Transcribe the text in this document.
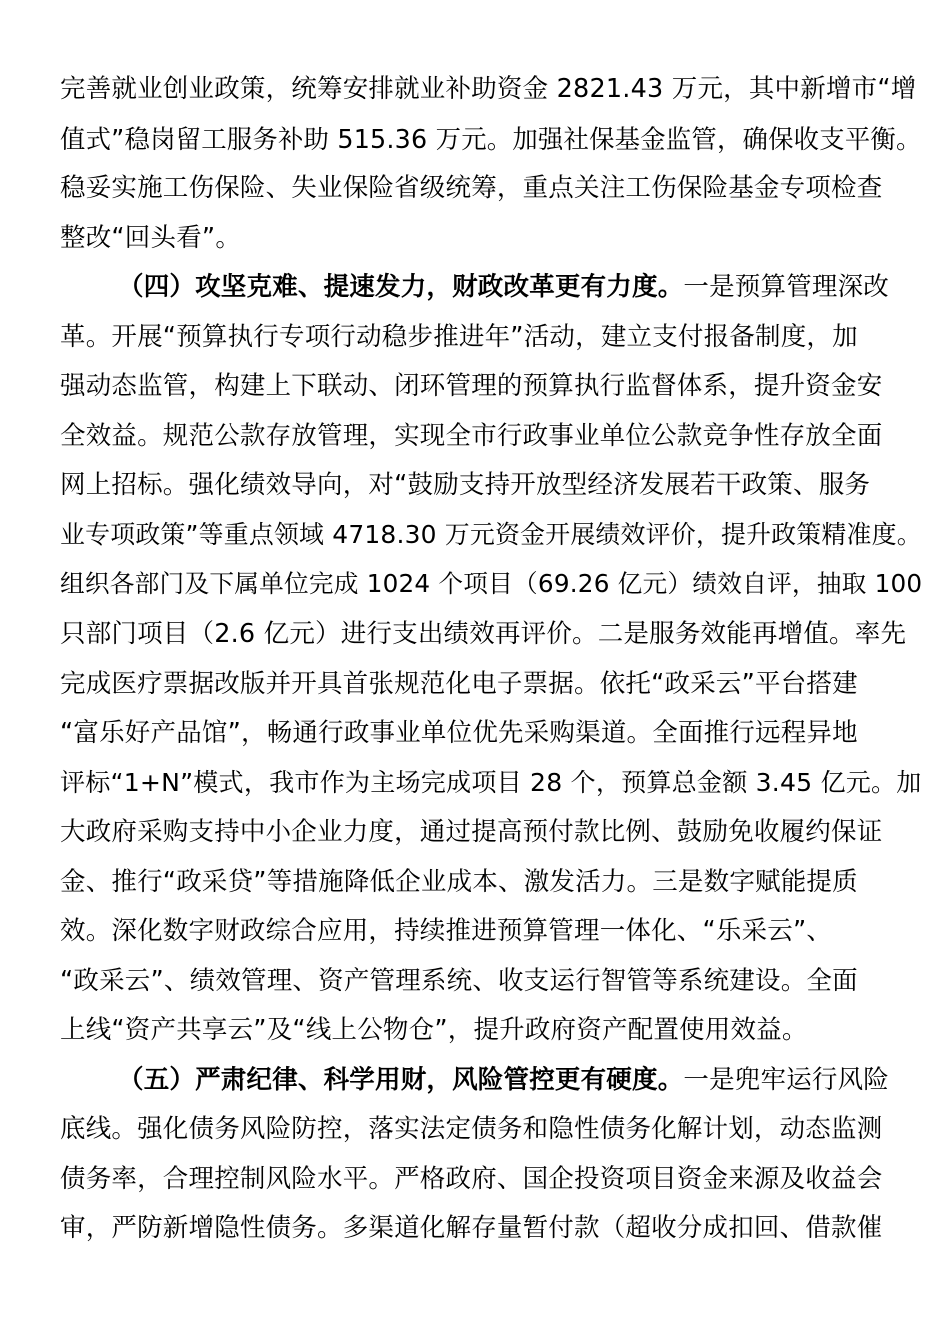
完善就业创业政策，统筹安排就业补助资金 2821.43 万元，其中新增市“增
值式”稳岗留工服务补助 515.36 万元。加强社保基金监管，确保收支平衡。
稳妥实施工伤保险、失业保险省级统筹，重点关注工伤保险基金专项检查
整改“回头看”。
（四）攻坚克难、提速发力，财政改革更有力度。一是预算管理深改
革。开展“预算执行专项行动稳步推进年”活动，建立支付报备制度，加
强动态监管，构建上下联动、闭环管理的预算执行监督体系，提升资金安
全效益。规范公款存放管理，实现全市行政事业单位公款竞争性存放全面
网上招标。强化绩效导向，对“鼓励支持开放型经济发展若干政策、服务
业专项政策”等重点领域 4718.30 万元资金开展绩效评价，提升政策精准度。
组织各部门及下属单位完成 1024 个项目（69.26 亿元）绩效自评，抽取 100
只部门项目（2.6 亿元）进行支出绩效再评价。二是服务效能再增值。率先
完成医疗票据改版并开具首张规范化电子票据。依托“政采云”平台搭建
“富乐好产品馆”，畅通行政事业单位优先采购渠道。全面推行远程异地
评标“1+N”模式，我市作为主场完成项目 28 个，预算总金额 3.45 亿元。加
大政府采购支持中小企业力度，通过提高预付款比例、鼓励免收履约保证
金、推行“政采贷”等措施降低企业成本、激发活力。三是数字赋能提质
效。深化数字财政综合应用，持续推进预算管理一体化、“乐采云”、
“政采云”、绩效管理、资产管理系统、收支运行智管等系统建设。全面
上线“资产共享云”及“线上公物仓”，提升政府资产配置使用效益。
（五）严肃纪律、科学用财，风险管控更有硬度。一是兜牢运行风险
底线。强化债务风险防控，落实法定债务和隐性债务化解计划，动态监测
债务率，合理控制风险水平。严格政府、国企投资项目资金来源及收益会
审，严防新增隐性债务。多渠道化解存量暂付款（超收分成扣回、借款催
